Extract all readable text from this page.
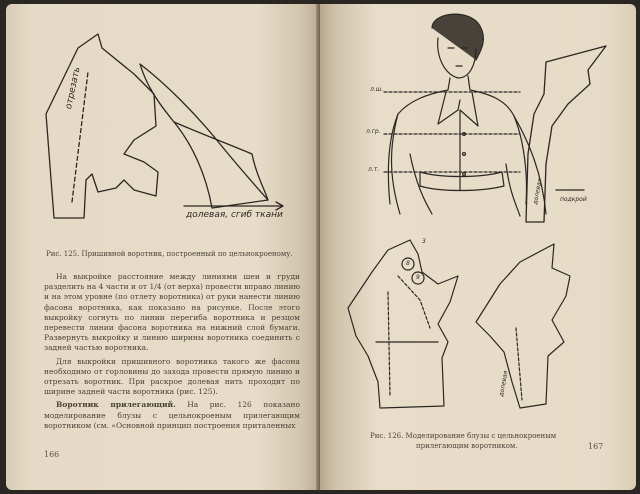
отрезать
долевая, сгиб ткани
Рис. 125. Пришивной воротник, построенный по цельнокроеному.

На выкройке расстояние между линиями шеи и груди разделить на 4 части и от 1/4 (от верха) провести вправо линию и на этом уровне (по отлету воротника) от руки нанести линию фасона воротника, как показано на рисунке. После этого выкройку согнуть по линии перегиба воротника и резцом перевести линии фасона воротника на нижний слой бумаги. Развернуть выкройку и линию ширины воротника соединить с задней частью воротника.

Для выкройки пришивного воротника такого же фасона необходимо от горловины до захода провести прямую линию и отрезать воротник. При раскрое долевая нить проходит по ширине задней части воротника (рис. 125).

Воротник прилегающий. На рис. 126 показано моделирование блузы с цельнокроеным прилегающим воротником (см. «Основной принцип построения приталенных

166
л.ш.
л.гр.
л.т.
долевая	подкрой
8
9
3
долевая
Рис. 126. Моделирование блузы с цельнокроеным
прилегающим воротником.	167
